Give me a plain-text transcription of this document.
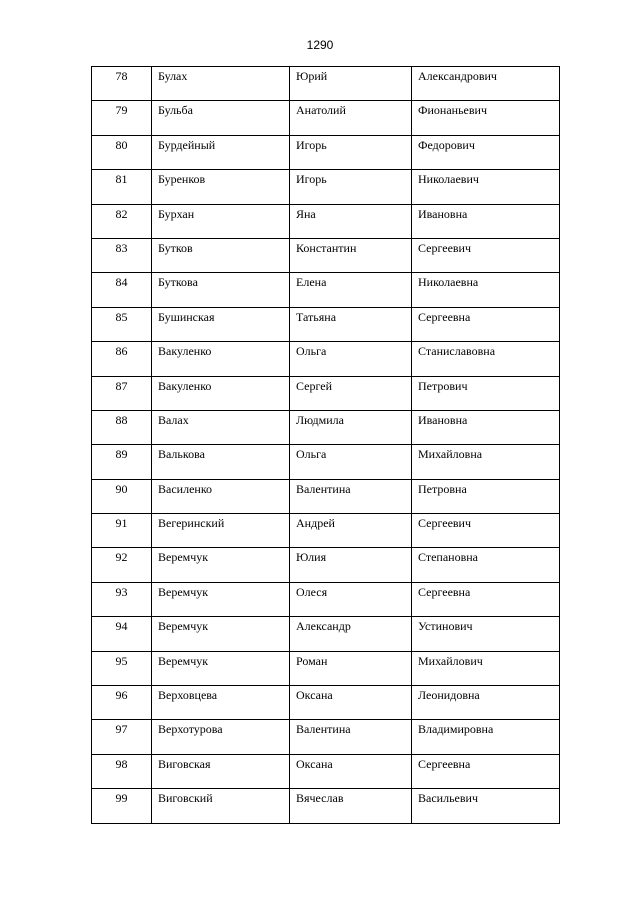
1290
78	Булах	Юрий	Александрович

79	Бульба	Анатолий	Фионаньевич

80	Бурдейный	Игорь	Федорович

81	Буренков	Игорь	Николаевич

82	Бурхан	Яна	Ивановна

83	Бутков	Константин	Сергеевич

84	Буткова	Елена	Николаевна

85	Бушинская	Татьяна	Сергеевна

86	Вакуленко	Ольга	Станиславовна

87	Вакуленко	Сергей	Петрович

88	Валах	Людмила	Ивановна

89	Валькова	Ольга	Михайловна

90	Василенко	Валентина	Петровна

91	Вегеринский	Андрей	Сергеевич

92	Веремчук	Юлия	Степановна

93	Веремчук	Олеся	Сергеевна

94	Веремчук	Александр	Устинович

95	Веремчук	Роман	Михайлович

96	Верховцева	Оксана	Леонидовна

97	Верхотурова	Валентина	Владимировна

98	Виговская	Оксана	Сергеевна

99	Виговский	Вячеслав	Васильевич
